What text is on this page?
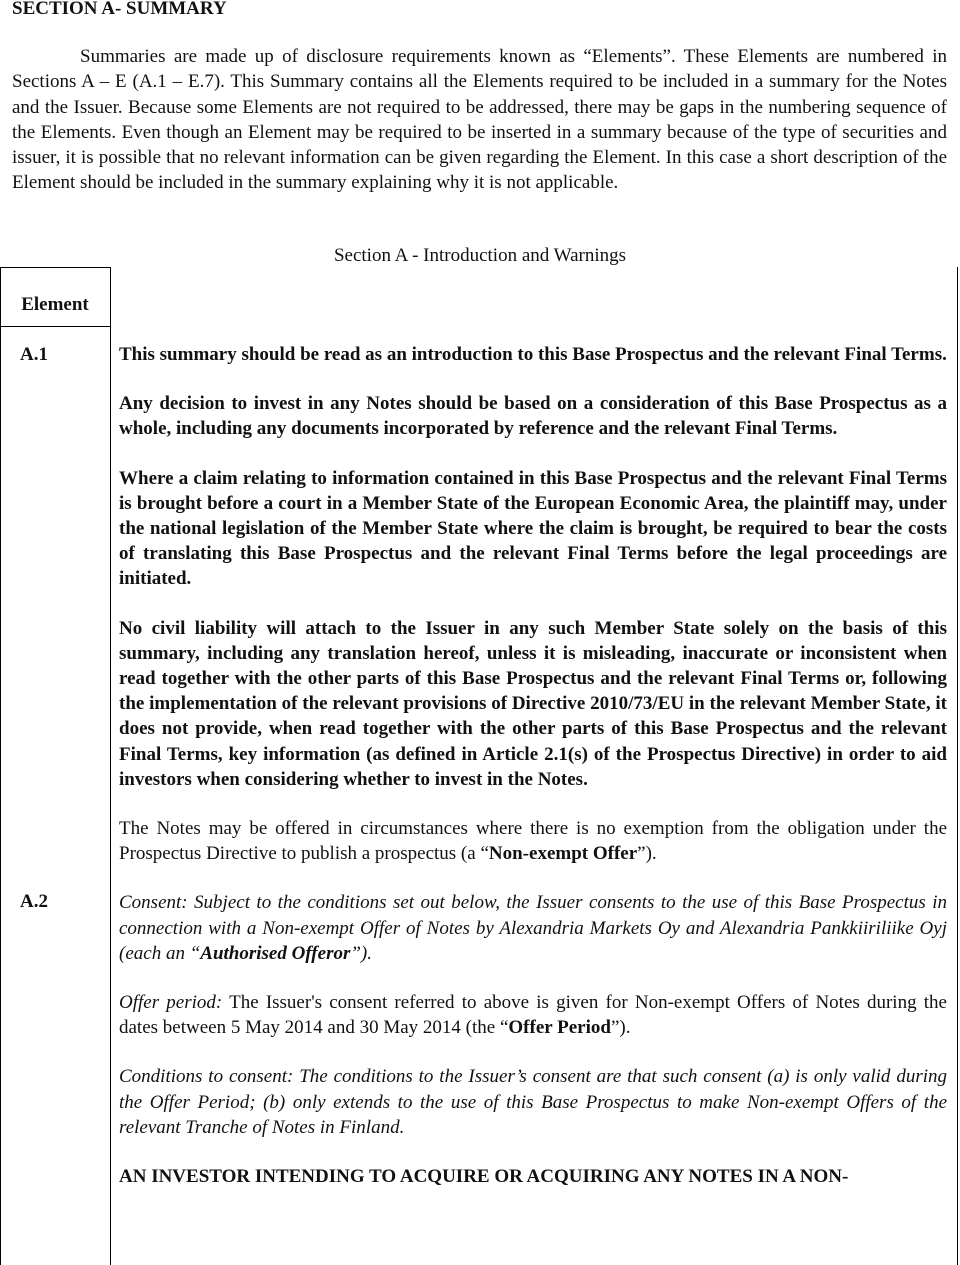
SECTION A- SUMMARY

Summaries are made up of disclosure requirements known as “Elements”. These Elements are numbered in Sections A – E (A.1 – E.7). This Summary contains all the Elements required to be included in a summary for the Notes and the Issuer. Because some Elements are not required to be addressed, there may be gaps in the numbering sequence of the Elements. Even though an Element may be required to be inserted in a summary because of the type of securities and issuer, it is possible that no relevant information can be given regarding the Element. In this case a short description of the Element should be included in the summary explaining why it is not applicable.

Section A - Introduction and Warnings
Element
A.1
A.2

This summary should be read as an introduction to this Base Prospectus and the relevant Final Terms.

Any decision to invest in any Notes should be based on a consideration of this Base Prospectus as a whole, including any documents incorporated by reference and the relevant Final Terms.

Where a claim relating to information contained in this Base Prospectus and the relevant Final Terms is brought before a court in a Member State of the European Economic Area, the plaintiff may, under the national legislation of the Member State where the claim is brought, be required to bear the costs of translating this Base Prospectus and the relevant Final Terms before the legal proceedings are initiated.

No civil liability will attach to the Issuer in any such Member State solely on the basis of this summary, including any translation hereof, unless it is misleading, inaccurate or inconsistent when read together with the other parts of this Base Prospectus and the relevant Final Terms or, following the implementation of the relevant provisions of Directive 2010/73/EU in the relevant Member State, it does not provide, when read together with the other parts of this Base Prospectus and the relevant Final Terms, key information (as defined in Article 2.1(s) of the Prospectus Directive) in order to aid investors when considering whether to invest in the Notes.

The Notes may be offered in circumstances where there is no exemption from the obligation under the Prospectus Directive to publish a prospectus (a “Non-exempt Offer”).

Consent: Subject to the conditions set out below, the Issuer consents to the use of this Base Prospectus in connection with a Non-exempt Offer of Notes by Alexandria Markets Oy and Alexandria Pankkiiriliike Oyj (each an “Authorised Offeror”).

Offer period: The Issuer's consent referred to above is given for Non-exempt Offers of Notes during the dates between 5 May 2014 and 30 May 2014 (the “Offer Period”).

Conditions to consent: The conditions to the Issuer’s consent are that such consent (a) is only valid during the Offer Period; (b) only extends to the use of this Base Prospectus to make Non-exempt Offers of the relevant Tranche of Notes in Finland.

AN INVESTOR INTENDING TO ACQUIRE OR ACQUIRING ANY NOTES IN A NON-
